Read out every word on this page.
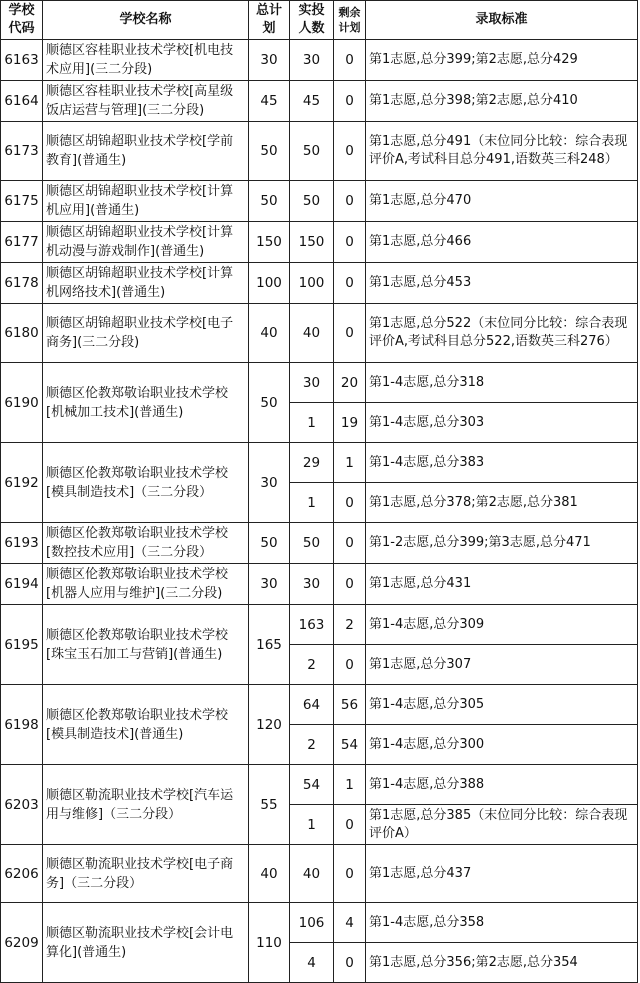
学校代码	学校名称	总计划	实投人数	剩余计划	录取标准
6163	顺德区容桂职业技术学校[机电技术应用](三二分段)	30	30	0	第1志愿,总分399;第2志愿,总分429
6164	顺德区容桂职业技术学校[高星级饭店运营与管理](三二分段)	45	45	0	第1志愿,总分398;第2志愿,总分410
6173	顺德区胡锦超职业技术学校[学前教育](普通生)	50	50	0	第1志愿,总分491（末位同分比较：综合表现评价A,考试科目总分491,语数英三科248）
6175	顺德区胡锦超职业技术学校[计算机应用](普通生)	50	50	0	第1志愿,总分470
6177	顺德区胡锦超职业技术学校[计算机动漫与游戏制作](普通生)	150	150	0	第1志愿,总分466
6178	顺德区胡锦超职业技术学校[计算机网络技术](普通生)	100	100	0	第1志愿,总分453
6180	顺德区胡锦超职业技术学校[电子商务](三二分段)	40	40	0	第1志愿,总分522（末位同分比较：综合表现评价A,考试科目总分522,语数英三科276）
6190	顺德区伦教郑敬诒职业技术学校[机械加工技术](普通生)	50	30	20	第1-4志愿,总分318
			1	19	第1-4志愿,总分303
6192	顺德区伦教郑敬诒职业技术学校[模具制造技术]（三二分段）	30	29	1	第1-4志愿,总分383
			1	0	第1志愿,总分378;第2志愿,总分381
6193	顺德区伦教郑敬诒职业技术学校[数控技术应用]（三二分段）	50	50	0	第1-2志愿,总分399;第3志愿,总分471
6194	顺德区伦教郑敬诒职业技术学校[机器人应用与维护](三二分段)	30	30	0	第1志愿,总分431
6195	顺德区伦教郑敬诒职业技术学校[珠宝玉石加工与营销](普通生)	165	163	2	第1-4志愿,总分309
			2	0	第1志愿,总分307
6198	顺德区伦教郑敬诒职业技术学校[模具制造技术](普通生)	120	64	56	第1-4志愿,总分305
			2	54	第1-4志愿,总分300
6203	顺德区勒流职业技术学校[汽车运用与维修]（三二分段）	55	54	1	第1-4志愿,总分388
			1	0	第1志愿,总分385（末位同分比较：综合表现评价A）
6206	顺德区勒流职业技术学校[电子商务]（三二分段）	40	40	0	第1志愿,总分437
6209	顺德区勒流职业技术学校[会计电算化](普通生)	110	106	4	第1-4志愿,总分358
			4	0	第1志愿,总分356;第2志愿,总分354
